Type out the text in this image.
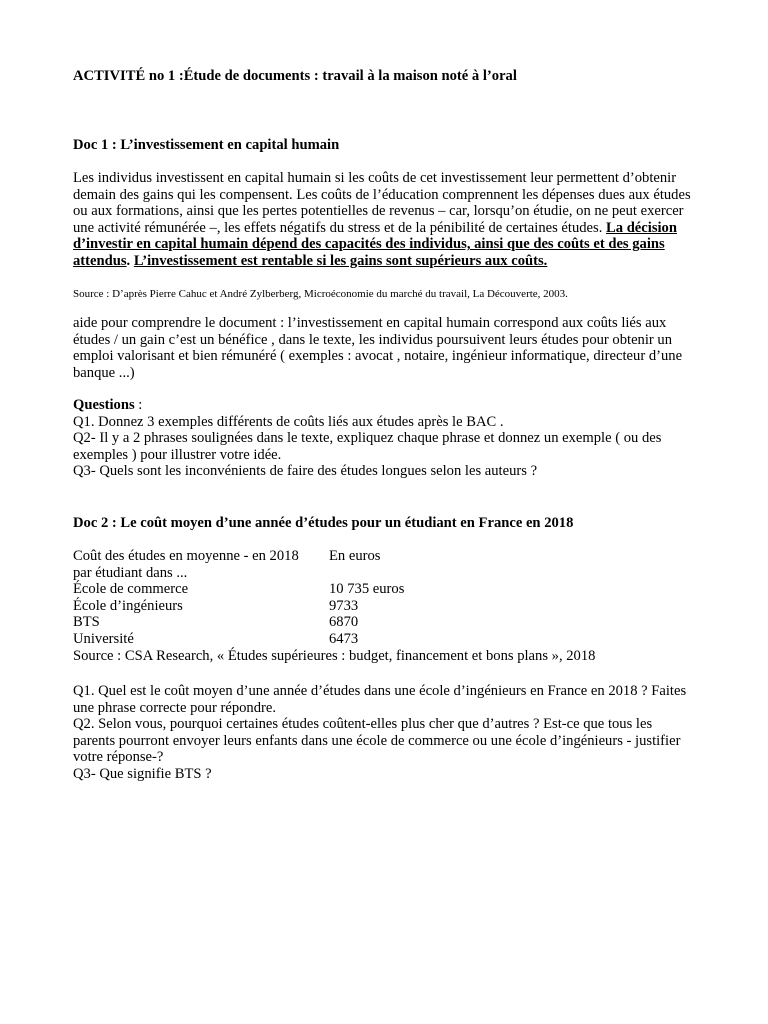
ACTIVITÉ no 1 :Étude de documents : travail à la maison noté à l’oral
Doc 1 : L’investissement en capital humain
Les individus investissent en capital humain si les coûts de cet investissement leur permettent d’obtenir demain des gains qui les compensent. Les coûts de l’éducation comprennent les dépenses dues aux études ou aux formations, ainsi que les pertes potentielles de revenus – car, lorsqu’on étudie, on ne peut exercer une activité rémunérée –, les effets négatifs du stress et de la pénibilité de certaines études. La décision d’investir en capital humain dépend des capacités des individus, ainsi que des coûts et des gains attendus. L’investissement est rentable si les gains sont supérieurs aux coûts.
Source : D’après Pierre Cahuc et André Zylberberg, Microéconomie du marché du travail, La Découverte, 2003.
aide pour comprendre le document : l’investissement en capital humain correspond aux coûts liés aux études / un gain c’est un bénéfice , dans le texte, les individus poursuivent leurs études pour obtenir un emploi valorisant et bien rémunéré ( exemples : avocat , notaire, ingénieur informatique, directeur d’une banque ...)
Questions :
Q1. Donnez 3 exemples différents de coûts liés aux études après le BAC .
Q2- Il y a 2 phrases soulignées dans le texte, expliquez chaque phrase et donnez un exemple ( ou des exemples ) pour illustrer votre idée.
Q3- Quels sont les inconvénients de faire des études longues selon les auteurs ?
Doc 2 : Le coût moyen d’une année d’études pour un étudiant en France en 2018
Coût des études en moyenne - en 2018 En euros
par étudiant dans ...
École de commerce	10 735 euros
École d’ingénieurs	9733
BTS	6870
Université	6473
Source : CSA Research, « Études supérieures : budget, financement et bons plans », 2018
Q1. Quel est le coût moyen d’une année d’études dans une école d’ingénieurs en France en 2018 ? Faites une phrase correcte pour répondre.
Q2. Selon vous, pourquoi certaines études coûtent-elles plus cher que d’autres ? Est-ce que tous les parents pourront envoyer leurs enfants dans une école de commerce ou une école d’ingénieurs - justifier votre réponse-?
Q3- Que signifie BTS ?
